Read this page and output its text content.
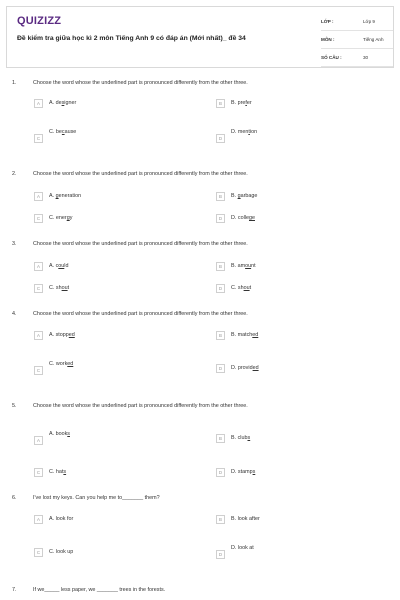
QUIZIZZ
Đề kiểm tra giữa học kì 2 môn Tiếng Anh 9 có đáp án (Mới nhất)_ đề 34
LỚP :	Lớp 9
MÔN :	Tiếng Anh
SỐ CÂU :	30
1.	Choose the word whose the underlined part is pronounced differently from the other three.
A	A. designer	B	B. prefer
C
C. because
D
D. mention
2.	Choose the word whose the underlined part is pronounced differently from the other three.
A	A. generation	B	B. garbage
C	C. energy	D	D. college
3.	Choose the word whose the underlined part is pronounced differently from the other three.
A	A. could	B	B. amount
C	C. shout	D	C. shout
4.	Choose the word whose the underlined part is pronounced differently from the other three.
A	A. stopped	B	B. matched
C
C. worked
D	D. provided
5.	Choose the word whose the underlined part is pronounced differently from the other three.
A
A. books
B	B. clubs
C	C. hats	D	D. stamps
6.	I've lost my keys. Can you help me to_______ them?
A	A. look for	B	B. look after
C	C. look up	D
D. look at
7.	If we_____ less paper, we _______ trees in the forests.
